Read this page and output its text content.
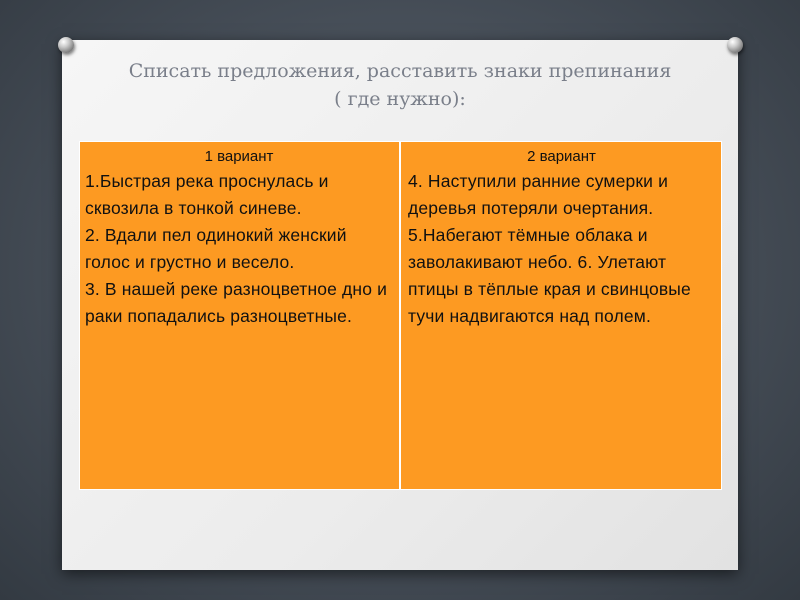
Списать предложения, расставить знаки препинания
( где нужно):
1 вариант

1.Быстрая река проснулась и сквозила в тонкой синеве.

2. Вдали пел одинокий женский голос и грустно и весело.

3. В нашей реке разноцветное дно и раки попадались разноцветные.

2 вариант

4. Наступили ранние сумерки и деревья потеряли очертания.

5.Набегают тёмные облака и заволакивают небо. 6. Улетают птицы в тёплые края и свинцовые тучи надвигаются над полем.
